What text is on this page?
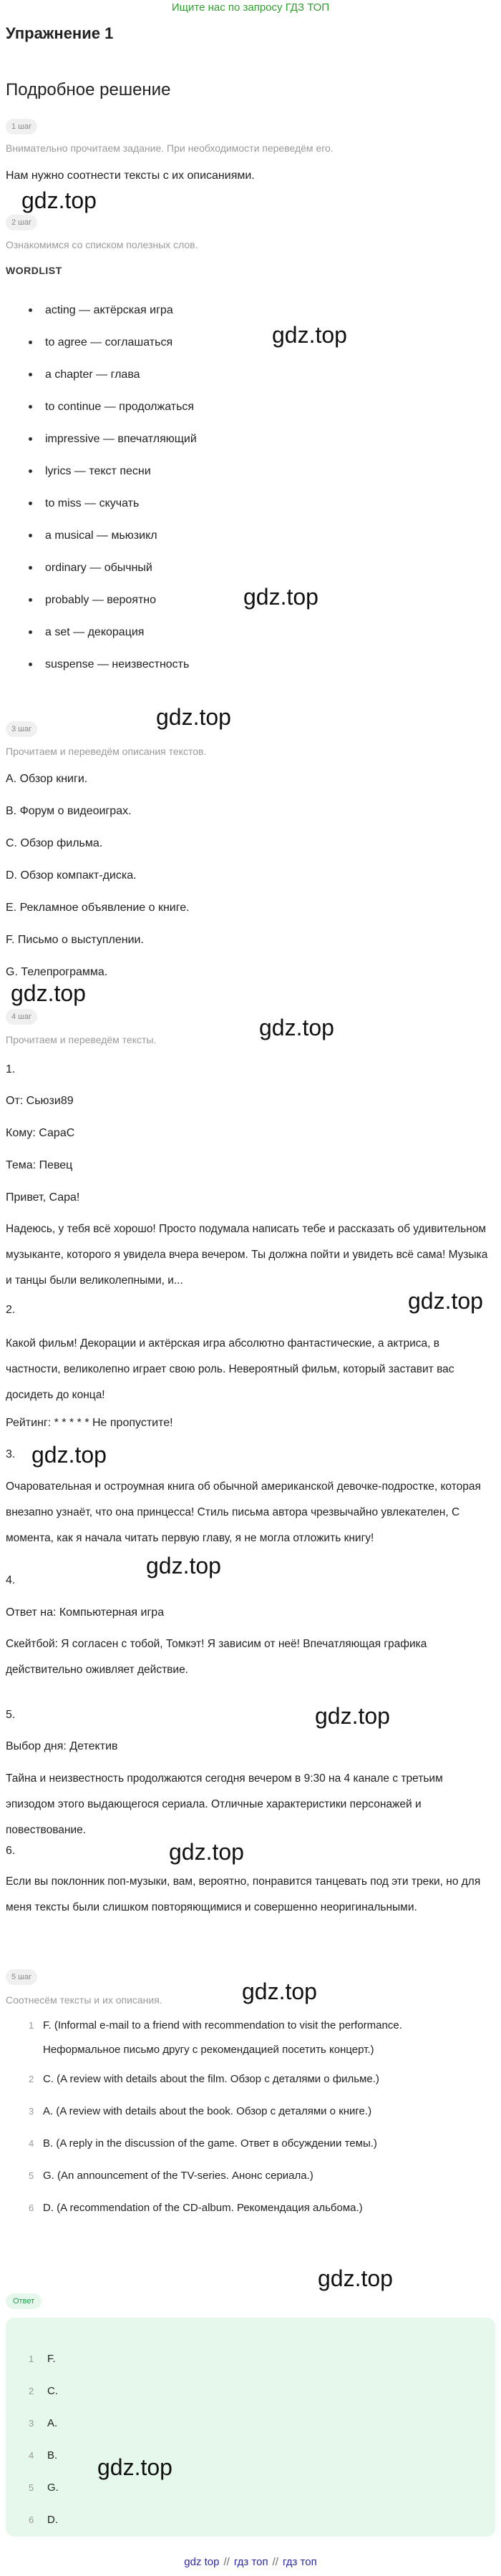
Ищите нас по запросу ГДЗ ТОП
Упражнение 1
Подробное решение
1 шаг
Внимательно прочитаем задание. При необходимости переведём его.
Нам нужно соотнести тексты с их описаниями.
gdz.top
2 шаг
Ознакомимся со списком полезных слов.
WORDLIST
acting — актёрская игра
to agree — соглашаться	gdz.top
a chapter — глава
to continue — продолжаться
impressive — впечатляющий
lyrics — текст песни
to miss — скучать
a musical — мьюзикл
ordinary — обычный
gdz.top
probably — вероятно
a set — декорация
suspense — неизвестность
gdz.top
3 шаг
Прочитаем и переведём описания текстов.
A. Обзор книги.
B. Форум о видеоиграх.
C. Обзор фильма.
D. Обзор компакт-диска.
E. Рекламное объявление о книге.
F. Письмо о выступлении.
G. Телепрограмма.
gdz.top
gdz.top
4 шаг
Прочитаем и переведём тексты.
1.
От: Сьюзи89
Кому: СараС
Тема: Певец
Привет, Сара!
Надеюсь, у тебя всё хорошо! Просто подумала написать тебе и рассказать об удивительном музыканте, которого я увидела вчера вечером. Ты должна пойти и увидеть всё сама! Музыка и танцы были великолепными, и...
gdz.top
2.
Какой фильм! Декорации и актёрская игра абсолютно фантастические, а актриса, в частности, великолепно играет свою роль. Невероятный фильм, который заставит вас досидеть до конца!
Рейтинг: * * * * * Не пропустите!
3. gdz.top
Очаровательная и остроумная книга об обычной американской девочке-подростке, которая внезапно узнаёт, что она принцесса! Стиль письма автора чрезвычайно увлекателен, С момента, как я начала читать первую главу, я не могла отложить книгу!
gdz.top
4.
Ответ на: Компьютерная игра
Скейтбой: Я согласен с тобой, Томкэт! Я зависим от неё! Впечатляющая графика действительно оживляет действие.
5.	gdz.top
Выбор дня: Детектив
Тайна и неизвестность продолжаются сегодня вечером в 9:30 на 4 канале с третьим эпизодом этого выдающегося сериала. Отличные характеристики персонажей и повествование.
6.	gdz.top
Если вы поклонник поп-музыки, вам, вероятно, понравится танцевать под эти треки, но для меня тексты были слишком повторяющимися и совершенно неоригинальными.
5 шаг
Соотнесём тексты и их описания.	gdz.top
1 F. (Informal e-mail to a friend with recommendation to visit the performance.
Неформальное письмо другу с рекомендацией посетить концерт.)
2 C. (A review with details about the film. Обзор с деталями о фильме.)
3 A. (A review with details about the book. Обзор с деталями о книге.)
4 B. (A reply in the discussion of the game. Ответ в обсуждении темы.)
5 G. (An announcement of the TV-series. Анонс сериала.)
6 D. (A recommendation of the CD-album. Рекомендация альбома.)
gdz.top
Ответ
1 F.
2 C.
3 A.
4 B.
5 G.
6 D.
gdz.top
gdz top // гдз топ // гдз топ
